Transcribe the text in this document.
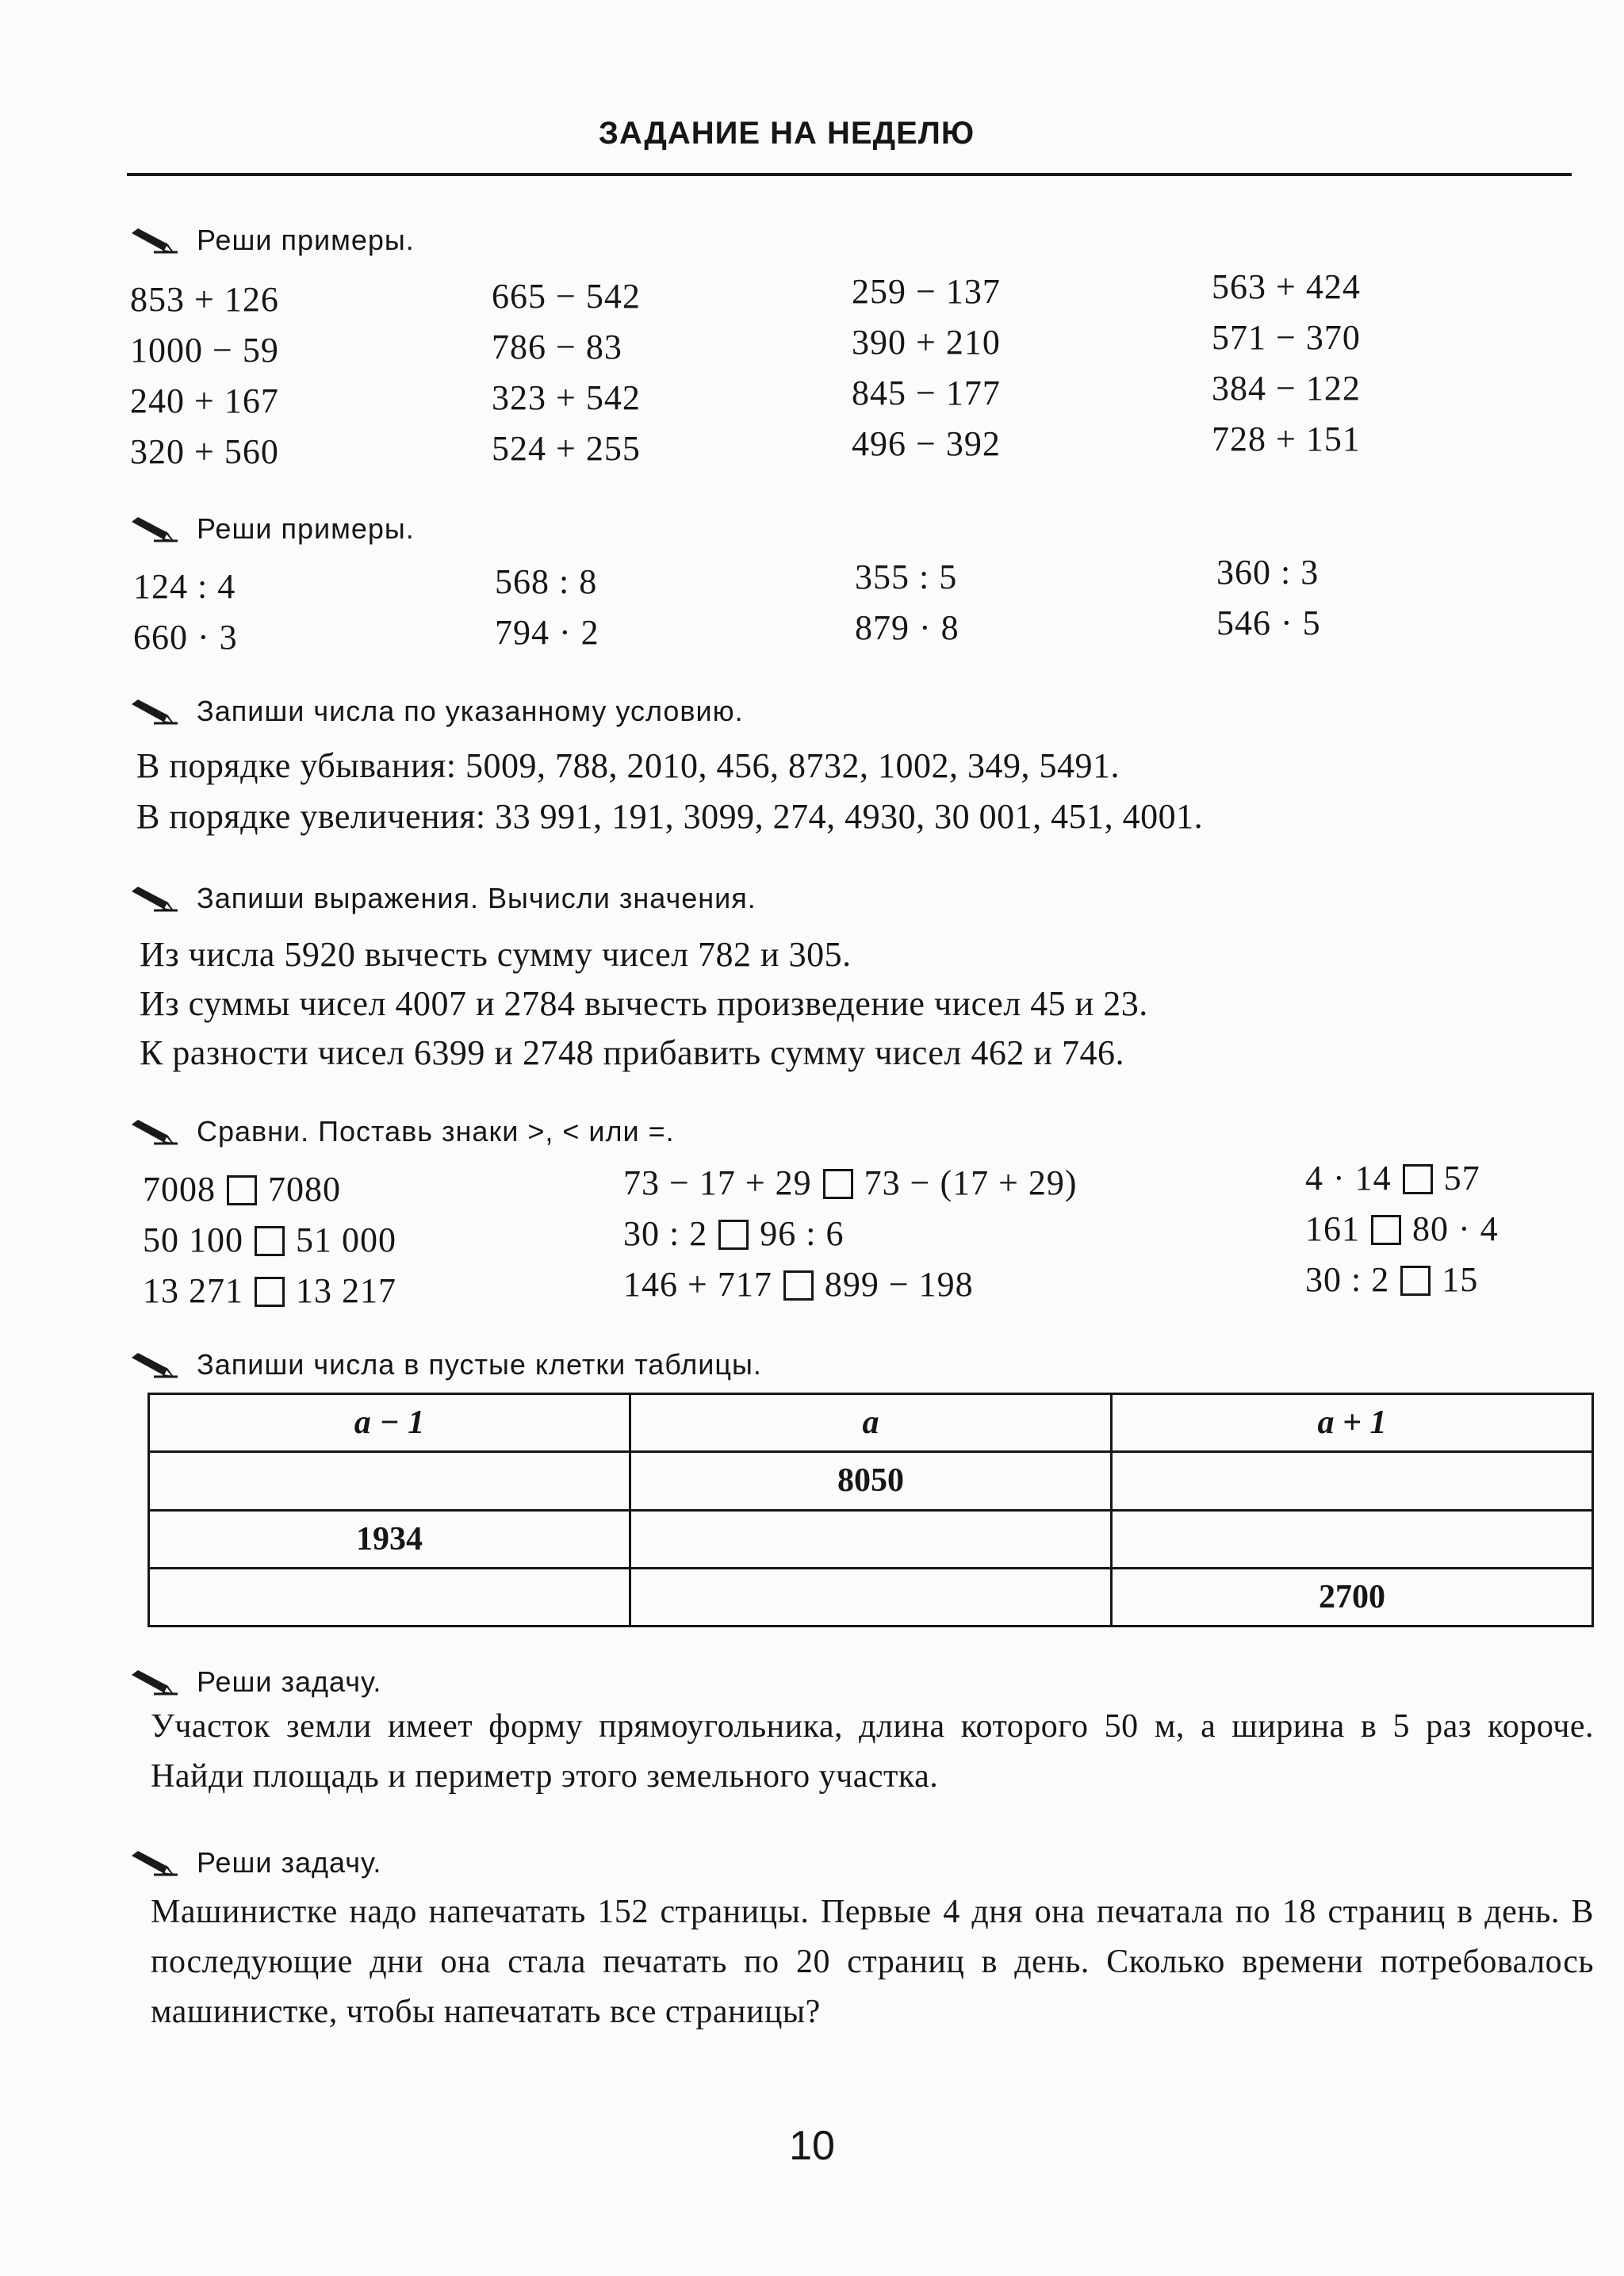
ЗАДАНИЕ НА НЕДЕЛЮ
Реши примеры.
853 + 126
1000 − 59
240 + 167
320 + 560
665 − 542
786 − 83
323 + 542
524 + 255
259 − 137
390 + 210
845 − 177
496 − 392
563 + 424
571 − 370
384 − 122
728 + 151
Реши примеры.
124 : 4
660 · 3
568 : 8
794 · 2
355 : 5
879 · 8
360 : 3
546 · 5
Запиши числа по указанному условию.
В порядке убывания: 5009, 788, 2010, 456, 8732, 1002, 349, 5491.
В порядке увеличения: 33 991, 191, 3099, 274, 4930, 30 001, 451, 4001.
Запиши выражения. Вычисли значения.
Из числа 5920 вычесть сумму чисел 782 и 305.
Из суммы чисел 4007 и 2784 вычесть произведение чисел 45 и 23.
К разности чисел 6399 и 2748 прибавить сумму чисел 462 и 746.
Сравни. Поставь знаки >, < или =.
7008 7080
50 100 51 000
13 271 13 217
73 − 17 + 29 73 − (17 + 29)
30 : 2 96 : 6
146 + 717 899 − 198
4 · 14 57
161 80 · 4
30 : 2 15
Запиши числа в пустые клетки таблицы.
a − 1	a	a + 1
	8050	
1934		
		2700
Реши задачу.
Участок земли имеет форму прямоугольника, длина которого 50 м, а ширина в 5 раз короче. Найди площадь и периметр этого земельного участка.
Реши задачу.
Машинистке надо напечатать 152 страницы. Первые 4 дня она печатала по 18 страниц в день. В последующие дни она стала печатать по 20 страниц в день. Сколько времени потребовалось машинистке, чтобы напечатать все страницы?
10
